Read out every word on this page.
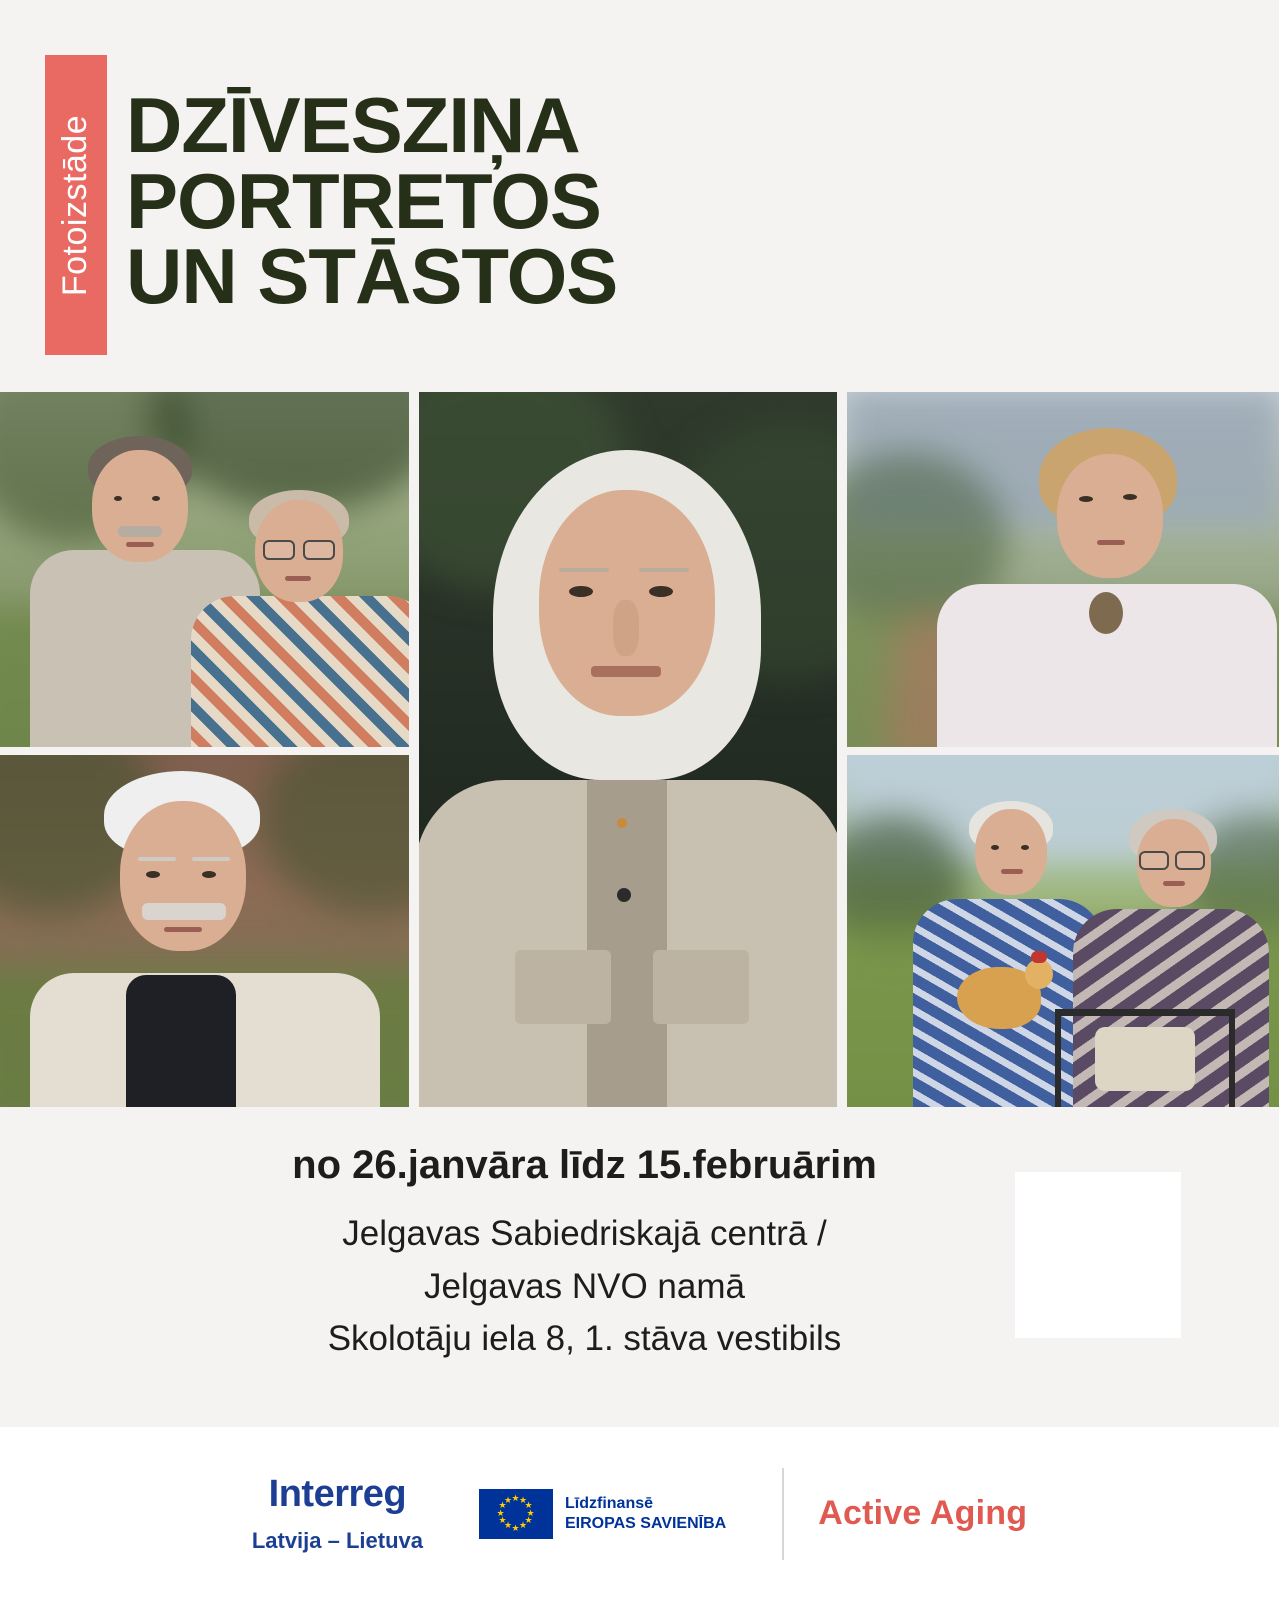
Fotoizstāde DZĪVESZIŅA
PORTRETOS
UN STĀSTOS
no 26.janvāra līdz 15.februārim
Jelgavas Sabiedriskajā centrā /
Jelgavas NVO namā
Skolotāju iela 8, 1. stāva vestibils
Interreg
Latvija – Lietuva
★ ★
★
★
★
★
★
★
★
★
★
★	Līdzfinansē
EIROPAS SAVIENĪBA	Active Aging
